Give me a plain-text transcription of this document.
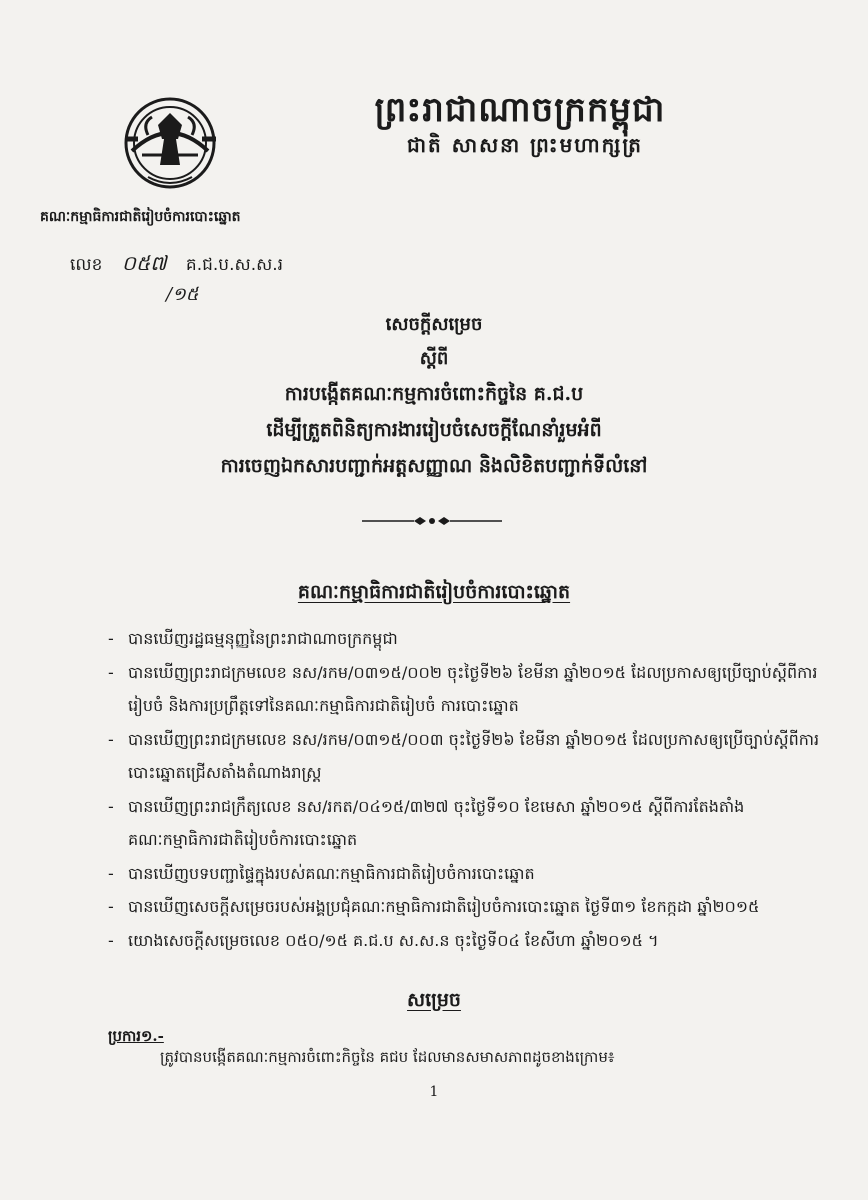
ព្រះរាជាណាចក្រកម្ពុជា
ជាតិ សាសនា ព្រះមហាក្សត្រ
គណៈកម្មាធិការជាតិរៀបចំការបោះឆ្នោត
លេខ ០៥៧ គ.ជ.ប.ស.ស.រ
/១៥
សេចក្តីសម្រេច
ស្តីពី
ការបង្កើតគណៈកម្មការចំពោះកិច្ចនៃ គ.ជ.ប
ដើម្បីត្រួតពិនិត្យការងាររៀបចំសេចក្តីណែនាំរួមអំពី
ការចេញឯកសារបញ្ជាក់អត្តសញ្ញាណ និងលិខិតបញ្ជាក់ទីលំនៅ
គណៈកម្មាធិការជាតិរៀបចំការបោះឆ្នោត
- បានឃើញរដ្ឋធម្មនុញ្ញនៃព្រះរាជាណាចក្រកម្ពុជា
- បានឃើញព្រះរាជក្រមលេខ នស/រកម/០៣១៥/០០២ ចុះថ្ងៃទី២៦ ខែមីនា ឆ្នាំ២០១៥ ដែលប្រកាសឲ្យប្រើច្បាប់ស្តីពីការរៀបចំ និងការប្រព្រឹត្តទៅនៃគណៈកម្មាធិការជាតិរៀបចំ ការបោះឆ្នោត
- បានឃើញព្រះរាជក្រមលេខ នស/រកម/០៣១៥/០០៣ ចុះថ្ងៃទី២៦ ខែមីនា ឆ្នាំ២០១៥ ដែលប្រកាសឲ្យប្រើច្បាប់ស្តីពីការបោះឆ្នោតជ្រើសតាំងតំណាងរាស្ត្រ
- បានឃើញព្រះរាជក្រឹត្យលេខ នស/រកត/០៤១៥/៣២៧ ចុះថ្ងៃទី១០ ខែមេសា ឆ្នាំ២០១៥ ស្តីពីការតែងតាំងគណៈកម្មាធិការជាតិរៀបចំការបោះឆ្នោត
- បានឃើញបទបញ្ជាផ្ទៃក្នុងរបស់គណៈកម្មាធិការជាតិរៀបចំការបោះឆ្នោត
- បានឃើញសេចក្តីសម្រេចរបស់អង្គប្រជុំគណៈកម្មាធិការជាតិរៀបចំការបោះឆ្នោត ថ្ងៃទី៣១ ខែកក្កដា ឆ្នាំ២០១៥
- យោងសេចក្តីសម្រេចលេខ ០៥០/១៥ គ.ជ.ប ស.ស.ន ចុះថ្ងៃទី០៤ ខែសីហា ឆ្នាំ២០១៥ ។
សម្រេច
ប្រការ១.-
ត្រូវបានបង្កើតគណៈកម្មការចំពោះកិច្ចនៃ គជប ដែលមានសមាសភាពដូចខាងក្រោម៖
1
